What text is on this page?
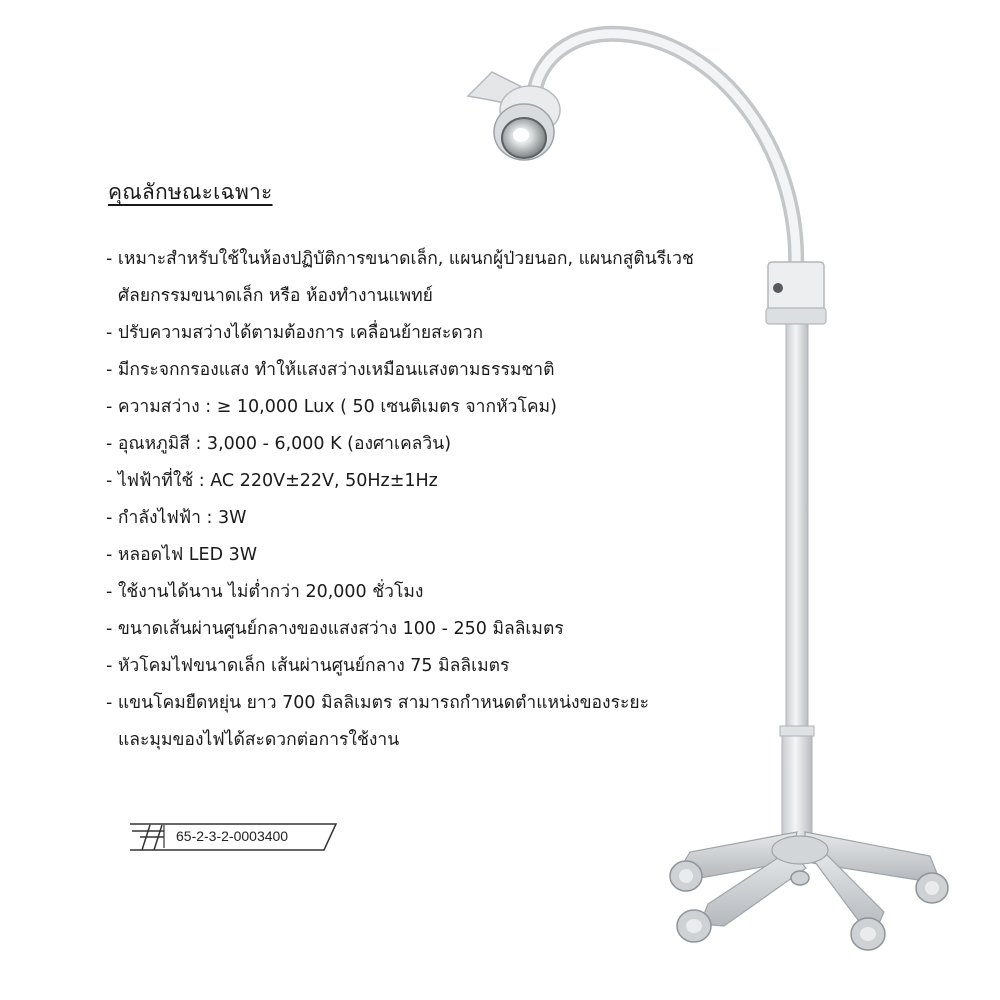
คุณลักษณะเฉพาะ
- เหมาะสำหรับใช้ในห้องปฏิบัติการขนาดเล็ก, แผนกผู้ป่วยนอก, แผนกสูตินรีเวช
ศัลยกรรมขนาดเล็ก หรือ ห้องทำงานแพทย์
- ปรับความสว่างได้ตามต้องการ เคลื่อนย้ายสะดวก
- มีกระจกกรองแสง ทำให้แสงสว่างเหมือนแสงตามธรรมชาติ
- ความสว่าง : ≥ 10,000 Lux ( 50 เซนติเมตร จากหัวโคม)
- อุณหภูมิสี : 3,000 - 6,000 K (องศาเคลวิน)
- ไฟฟ้าที่ใช้ : AC 220V±22V, 50Hz±1Hz
- กำลังไฟฟ้า : 3W
- หลอดไฟ LED 3W
- ใช้งานได้นาน ไม่ต่ำกว่า 20,000 ชั่วโมง
- ขนาดเส้นผ่านศูนย์กลางของแสงสว่าง 100 - 250 มิลลิเมตร
- หัวโคมไฟขนาดเล็ก เส้นผ่านศูนย์กลาง 75 มิลลิเมตร
- แขนโคมยืดหยุ่น ยาว 700 มิลลิเมตร สามารถกำหนดตำแหน่งของระยะ
และมุมของไฟได้สะดวกต่อการใช้งาน
65-2-3-2-0003400
